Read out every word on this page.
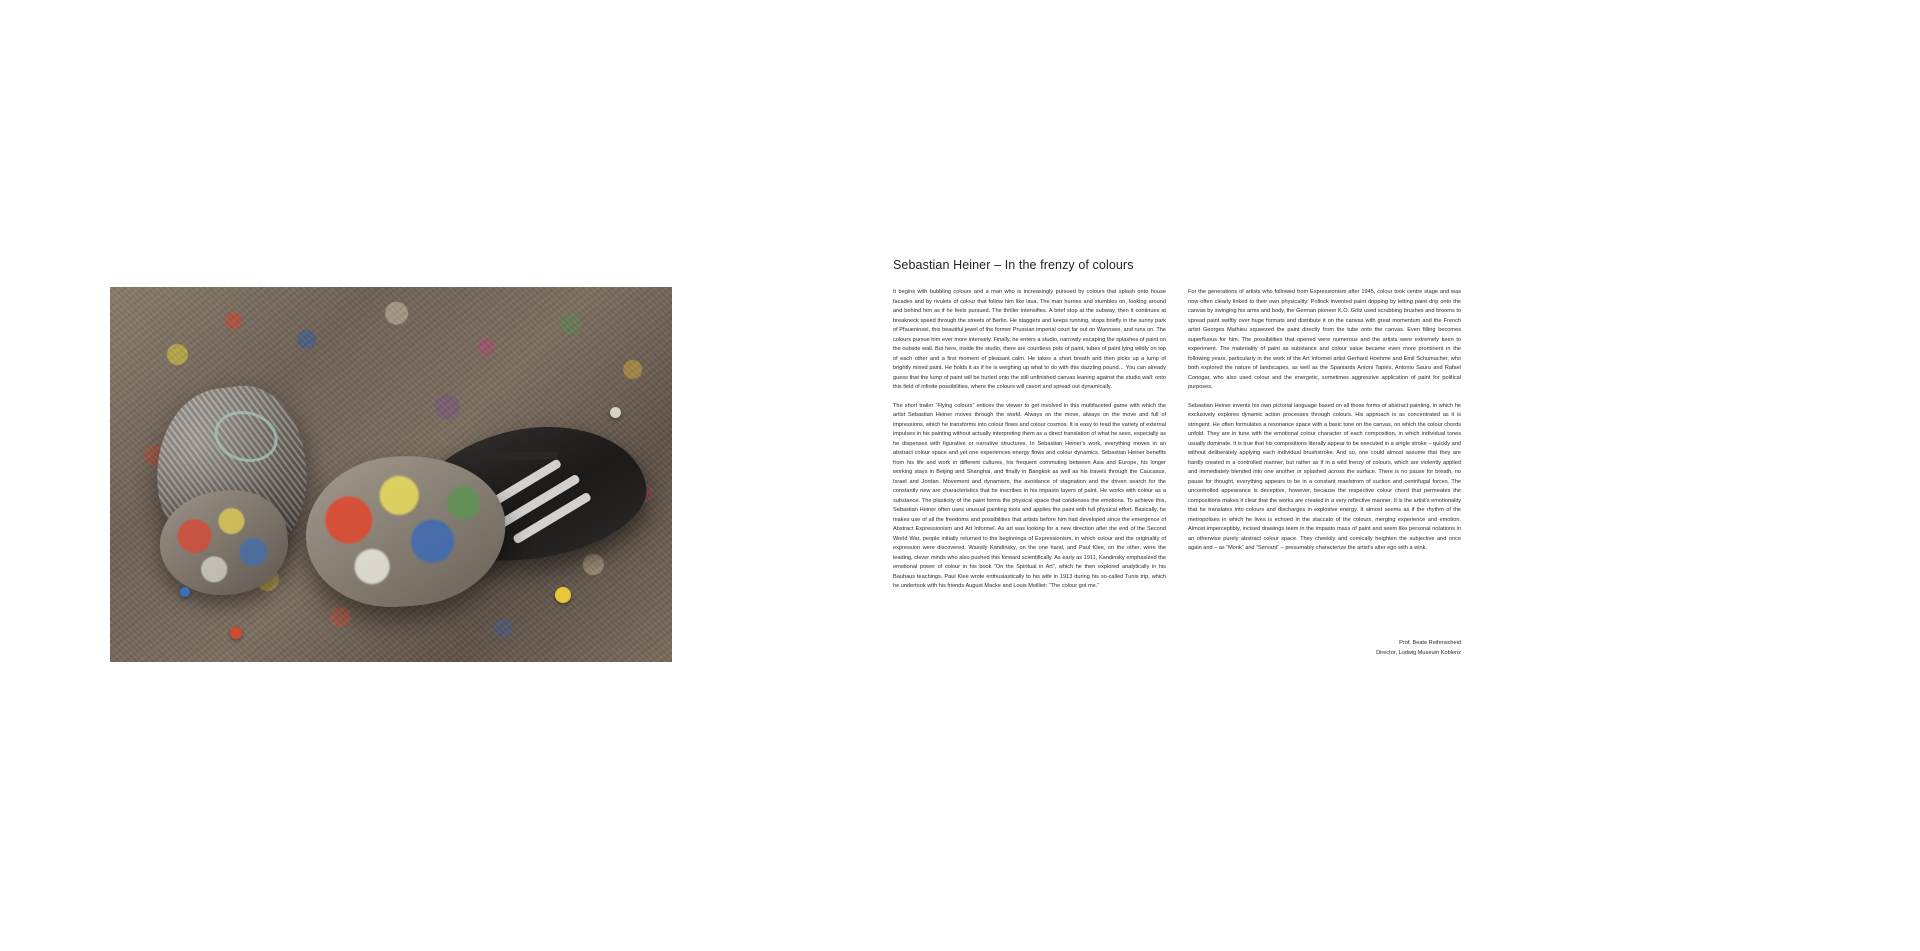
Sebastian Heiner – In the frenzy of colours

It begins with bubbling colours and a man who is increasingly pursued by colours that splash onto house facades and by rivulets of colour that follow him like lava. The man hurries and stumbles on, looking around and behind him as if he feels pursued. The thriller intensifies. A brief stop at the subway, then it continues at breakneck speed through the streets of Berlin. He staggers and keeps running, stops briefly in the sunny park of Pfaueninsel, this beautiful jewel of the former Prussian imperial court far out on Wannsee, and runs on. The colours pursue him ever more intensely. Finally, he enters a studio, narrowly escaping the splashes of paint on the outside wall. But here, inside the studio, there are countless pots of paint, tubes of paint lying wildly on top of each other and a first moment of pleasant calm. He takes a short breath and then picks up a lump of brightly mixed paint. He holds it as if he is weighing up what to do with this dazzling pound… You can already guess that the lump of paint will be hurled onto the still unfinished canvas leaning against the studio wall: onto this field of infinite possibilities, where the colours will cavort and spread out dynamically.

The short trailer “Flying colours” entices the viewer to get involved in this multifaceted game with which the artist Sebastian Heiner moves through the world. Always on the move, always on the move and full of impressions, which he transforms into colour flows and colour cosmos. It is easy to read the variety of external impulses in his painting without actually interpreting them as a direct translation of what he sees, especially as he dispenses with figurative or narrative structures. In Sebastian Heiner's work, everything moves in an abstract colour space and yet one experiences energy flows and colour dynamics. Sebastian Heiner benefits from his life and work in different cultures, his frequent commuting between Asia and Europe, his longer working stays in Beijing and Shanghai, and finally in Bangkok as well as his travels through the Caucasus, Israel and Jordan. Movement and dynamism, the avoidance of stagnation and the driven search for the constantly new are characteristics that he inscribes in his impasto layers of paint. He works with colour as a substance. The plasticity of the paint forms the physical space that condenses the emotions. To achieve this, Sebastian Heiner often uses unusual painting tools and applies the paint with full physical effort. Basically, he makes use of all the freedoms and possibilities that artists before him had developed since the emergence of Abstract Expressionism and Art Informel. As art was looking for a new direction after the end of the Second World War, people initially returned to the beginnings of Expressionism, in which colour and the originality of expression were discovered. Wassily Kandinsky, on the one hand, and Paul Klee, on the other, were the leading, clever minds who also pushed this forward scientifically. As early as 1911, Kandinsky emphasized the emotional power of colour in his book “On the Spiritual in Art”, which he then explored analytically in his Bauhaus teachings. Paul Klee wrote enthusiastically to his wife in 1913 during his so-called Tunis trip, which he undertook with his friends August Macke and Louis Moilliet: “The colour got me.”

For the generations of artists who followed from Expressionism after 1945, colour took centre stage and was now often clearly linked to their own physicality: Pollock invented paint dripping by letting paint drip onto the canvas by swinging his arms and body, the German pioneer K.O. Götz used scrubbing brushes and brooms to spread paint swiftly over huge formats and distribute it on the canvas with great momentum and the French artist Georges Mathieu squeezed the paint directly from the tube onto the canvas. Even filling becomes superfluous for him. The possibilities that opened were numerous and the artists were extremely keen to experiment. The materiality of paint as substance and colour value became even more prominent in the following years, particularly in the work of the Art Informel artist Gerhard Hoehme and Emil Schumacher, who both explored the nature of landscapes, as well as the Spaniards Antoni Tapiès, Antonio Saura and Rafael Conogar, who also used colour and the energetic, sometimes aggressive application of paint for political purposes.

Sebastian Heiner invents his own pictorial language based on all those forms of abstract painting, in which he exclusively explores dynamic action processes through colours. His approach is as concentrated as it is stringent. He often formulates a resonance space with a basic tone on the canvas, on which the colour chords unfold. They are in tune with the emotional colour character of each composition, in which individual tones usually dominate. It is true that his compositions literally appear to be executed in a single stroke – quickly and without deliberately applying each individual brushstroke. And so, one could almost assume that they are hardly created in a controlled manner, but rather as if in a wild frenzy of colours, which are violently applied and immediately blended into one another or splashed across the surface. There is no pause for breath, no pause for thought, everything appears to be in a constant maelstrom of suction and centrifugal forces. The uncontrolled appearance is deceptive, however, because the respective colour chord that permeates the compositions makes it clear that the works are created in a very reflective manner. It is the artist's emotionality that he translates into colours and discharges in explosive energy. It almost seems as if the rhythm of the metropolises in which he lives is echoed in the staccato of the colours, merging experience and emotion. Almost imperceptibly, incised drawings teem in the impasto mass of paint and seem like personal notations in an otherwise purely abstract colour space. They cheekily and comically heighten the subjective and once again and – as “Monk” and “Servant” – presumably characterize the artist's alter ego with a wink.

Prof. Beate Reifenscheid
Director, Ludwig Museum Koblenz
